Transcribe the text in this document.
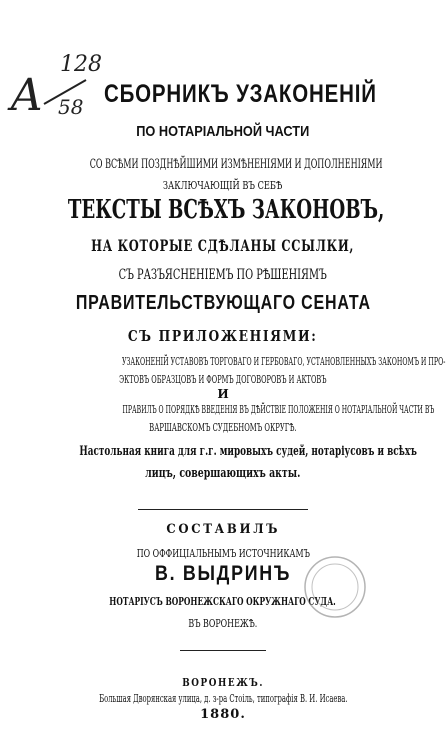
А
128
58 СБОРНИКЪ УЗАКОНЕНІЙ
ПО НОТАРІАЛЬНОЙ ЧАСТИ
СО ВСѢМИ ПОЗДНѢЙШИМИ ИЗМѢНЕНІЯМИ И ДОПОЛНЕНІЯМИ
ЗАКЛЮЧАЮЩІЙ ВЪ СЕБѢ
ТЕКСТЫ ВСѢХЪ ЗАКОНОВЪ,
НА КОТОРЫЕ СДѢЛАНЫ ССЫЛКИ,
СЪ РАЗЪЯСНЕНІЕМЪ ПО РѢШЕНІЯМЪ
ПРАВИТЕЛЬСТВУЮЩАГО СЕНАТА
СЪ ПРИЛОЖЕНІЯМИ:
УЗАКОНЕНІЙ УСТАВОВЪ ТОРГОВАГО И ГЕРБОВАГО, УСТАНОВЛЕННЫХЪ ЗАКОНОМЪ И ПРО-
ЭКТОВЪ ОБРАЗЦОВЪ И ФОРМЪ ДОГОВОРОВЪ И АКТОВЪ
И
ПРАВИЛЪ О ПОРЯДКѢ ВВЕДЕНІЯ ВЪ ДѢЙСТВІЕ ПОЛОЖЕНІЯ О НОТАРІАЛЬНОЙ ЧАСТИ ВЪ
ВАРШАВСКОМЪ СУДЕБНОМЪ ОКРУГѢ.
Настольная книга для г.г. мировыхъ судей, нотаріусовъ и всѣхъ
лицъ, совершающихъ акты.
СОСТАВИЛЪ
ПО ОФФИЦІАЛЬНЫМЪ ИСТОЧНИКАМЪ
В. ВЫДРИНЪ
НОТАРІУСЪ ВОРОНЕЖСКАГО ОКРУЖНАГО СУДА.
ВЪ ВОРОНЕЖѢ.
ВОРОНЕЖЪ.
Большая Дворянская улица, д. з-ра Стоіль, типографія В. И. Исаева.
1880.
